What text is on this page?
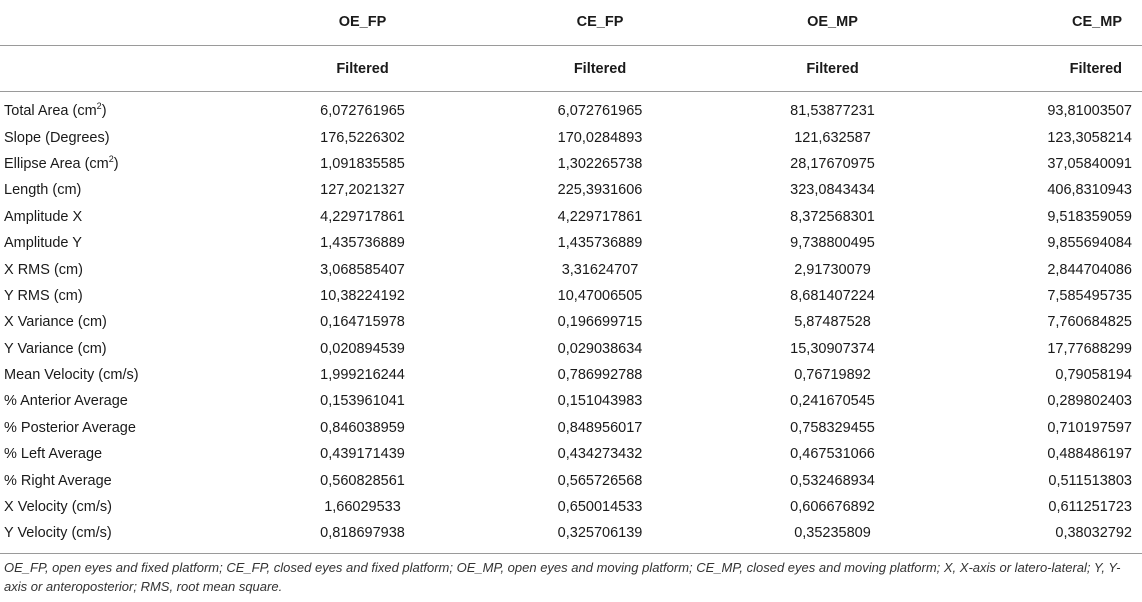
	OE_FP	CE_FP	OE_MP	CE_MP
	Filtered	Filtered	Filtered	Filtered
Total Area $(cm^2)$	6,072761965	6,072761965	81,53877231	93,81003507
Slope (Degrees)	176,5226302	170,0284893	121,632587	123,3058214
Ellipse Area $(cm^2)$	1,091835585	1,302265738	28,17670975	37,05840091
Length (cm)	127,2021327	225,3931606	323,0843434	406,8310943
Amplitude X	4,229717861	4,229717861	8,372568301	9,518359059
Amplitude Y	1,435736889	1,435736889	9,738800495	9,855694084
X RMS (cm)	3,068585407	3,31624707	2,91730079	2,844704086
Y RMS (cm)	10,38224192	10,47006505	8,681407224	7,585495735
X Variance (cm)	0,164715978	0,196699715	5,87487528	7,760684825
Y Variance (cm)	0,020894539	0,029038634	15,30907374	17,77688299
Mean Velocity (cm/s)	1,999216244	0,786992788	0,76719892	0,79058194
% Anterior Average	0,153961041	0,151043983	0,241670545	0,289802403
% Posterior Average	0,846038959	0,848956017	0,758329455	0,710197597
% Left Average	0,439171439	0,434273432	0,467531066	0,488486197
% Right Average	0,560828561	0,565726568	0,532468934	0,511513803
X Velocity (cm/s)	1,66029533	0,650014533	0,606676892	0,611251723
Y Velocity (cm/s)	0,818697938	0,325706139	0,35235809	0,38032792
OE_FP, open eyes and fixed platform; CE_FP, closed eyes and fixed platform; OE_MP, open eyes and moving platform; CE_MP, closed eyes and moving platform; X, X-axis or latero-lateral; Y, Y-axis or anteroposterior; RMS, root mean square.
